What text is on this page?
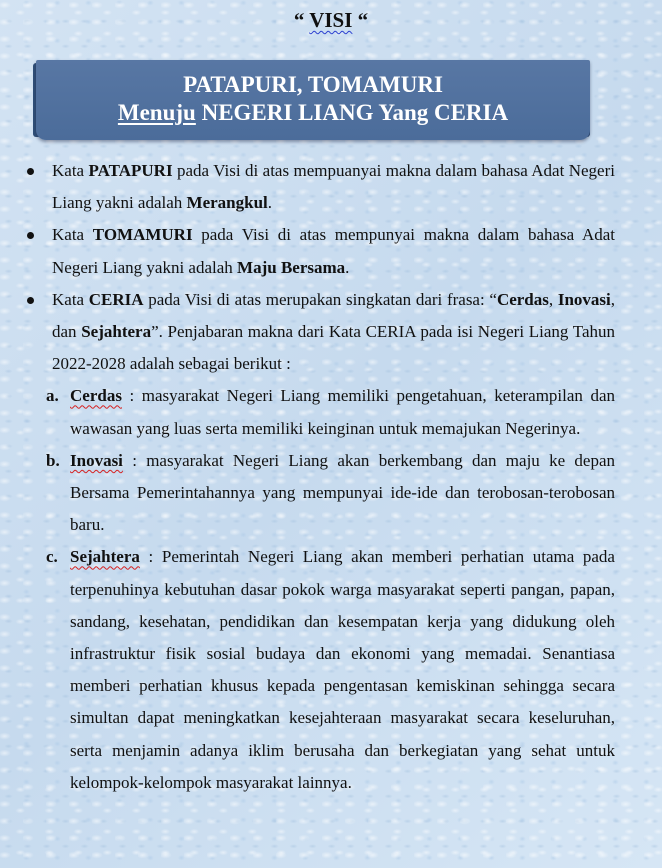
“ VISI “
PATAPURI, TOMAMURI
Menuju NEGERI LIANG Yang CERIA
Kata PATAPURI pada Visi di atas mempuanyai makna dalam bahasa Adat Negeri Liang yakni adalah Merangkul.
Kata TOMAMURI pada Visi di atas mempunyai makna dalam bahasa Adat Negeri Liang yakni adalah Maju Bersama.
Kata CERIA pada Visi di atas merupakan singkatan dari frasa: “Cerdas, Inovasi, dan Sejahtera”. Penjabaran makna dari Kata CERIA pada isi Negeri Liang Tahun 2022-2028 adalah sebagai berikut :
a. Cerdas : masyarakat Negeri Liang memiliki pengetahuan, keterampilan dan wawasan yang luas serta memiliki keinginan untuk memajukan Negerinya.
b. Inovasi : masyarakat Negeri Liang akan berkembang dan maju ke depan Bersama Pemerintahannya yang mempunyai ide-ide dan terobosan-terobosan baru.
c. Sejahtera : Pemerintah Negeri Liang akan memberi perhatian utama pada terpenuhinya kebutuhan dasar pokok warga masyarakat seperti pangan, papan, sandang, kesehatan, pendidikan dan kesempatan kerja yang didukung oleh infrastruktur fisik sosial budaya dan ekonomi yang memadai. Senantiasa memberi perhatian khusus kepada pengentasan kemiskinan sehingga secara simultan dapat meningkatkan kesejahteraan masyarakat secara keseluruhan, serta menjamin adanya iklim berusaha dan berkegiatan yang sehat untuk kelompok-kelompok masyarakat lainnya.
